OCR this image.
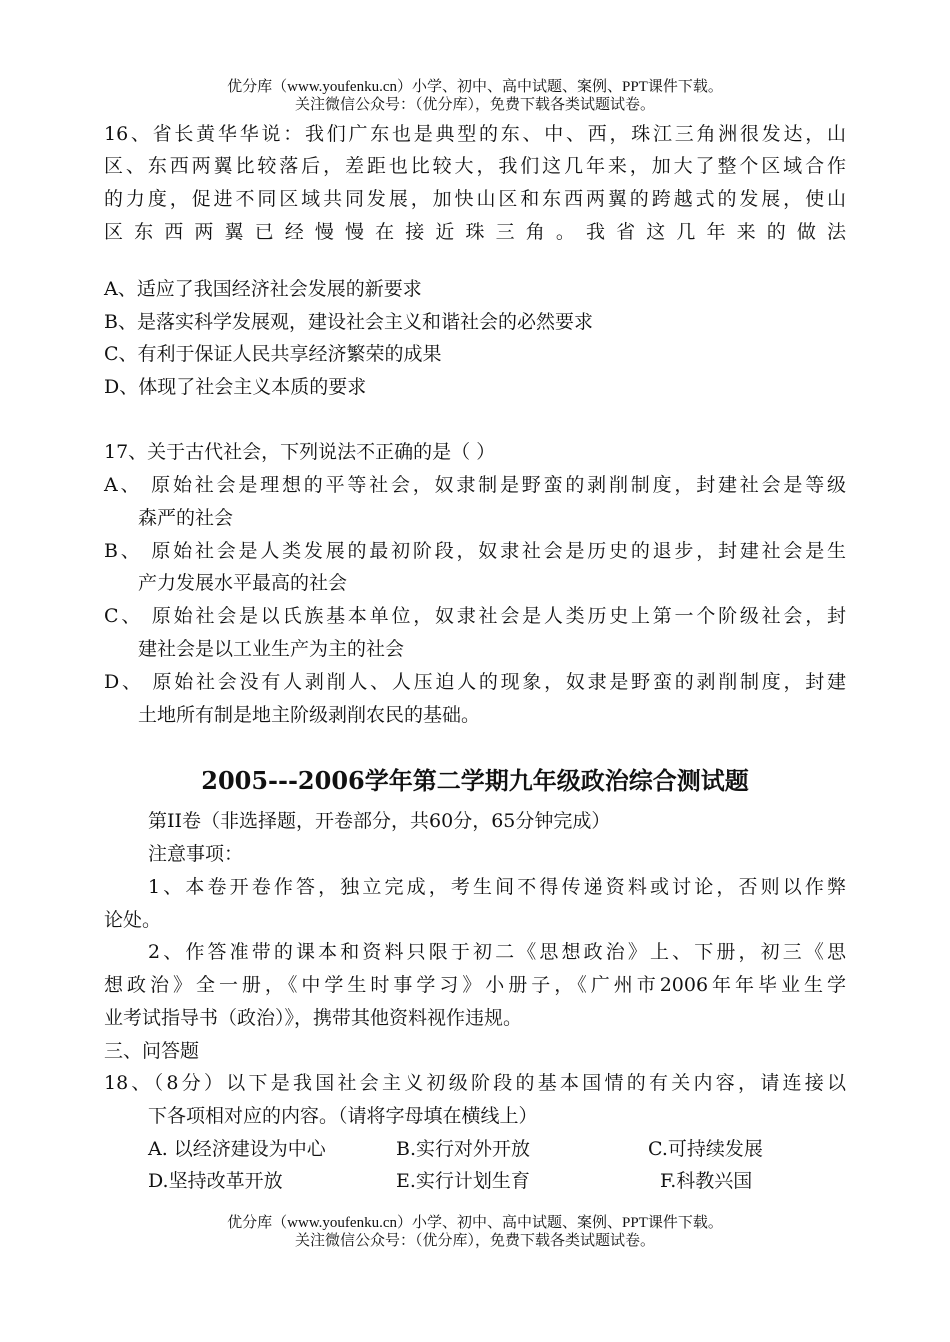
优分库（www.youfenku.cn）小学、初中、高中试题、案例、PPT课件下载。
关注微信公众号：（优分库），免费下载各类试题试卷。
16、省长黄华华说：我们广东也是典型的东、中、西，珠江三角洲很发达，山
区、东西两翼比较落后，差距也比较大，我们这几年来，加大了整个区域合作
的力度，促进不同区域共同发展，加快山区和东西两翼的跨越式的发展，使山
区 东 西 两 翼 已 经 慢 慢 在 接 近 珠 三 角 。 我 省 这 几 年 来 的 做 法
A、适应了我国经济社会发展的新要求
B、是落实科学发展观，建设社会主义和谐社会的必然要求
C、有利于保证人民共享经济繁荣的成果
D、体现了社会主义本质的要求
17、关于古代社会，下列说法不正确的是（ ）
A、 原始社会是理想的平等社会，奴隶制是野蛮的剥削制度，封建社会是等级
森严的社会
B、 原始社会是人类发展的最初阶段，奴隶社会是历史的退步，封建社会是生
产力发展水平最高的社会
C、 原始社会是以氏族基本单位，奴隶社会是人类历史上第一个阶级社会，封
建社会是以工业生产为主的社会
D、 原始社会没有人剥削人、人压迫人的现象，奴隶是野蛮的剥削制度，封建
土地所有制是地主阶级剥削农民的基础。
2005---2006学年第二学期九年级政治综合测试题
第II卷（非选择题，开卷部分，共60分，65分钟完成）
注意事项：
1、本卷开卷作答，独立完成，考生间不得传递资料或讨论，否则以作弊
论处。
2、作答准带的课本和资料只限于初二《思想政治》上、下册，初三《思
想政治》全一册，《中学生时事学习》小册子，《广州市2006年年毕业生学
业考试指导书（政治）》，携带其他资料视作违规。
三、问答题
18、（8分）以下是我国社会主义初级阶段的基本国情的有关内容，请连接以
下各项相对应的内容。（请将字母填在横线上）
A. 以经济建设为中心	B.实行对外开放	C.可持续发展
D.坚持改革开放	E.实行计划生育	F.科教兴国
优分库（www.youfenku.cn）小学、初中、高中试题、案例、PPT课件下载。
关注微信公众号：（优分库），免费下载各类试题试卷。
